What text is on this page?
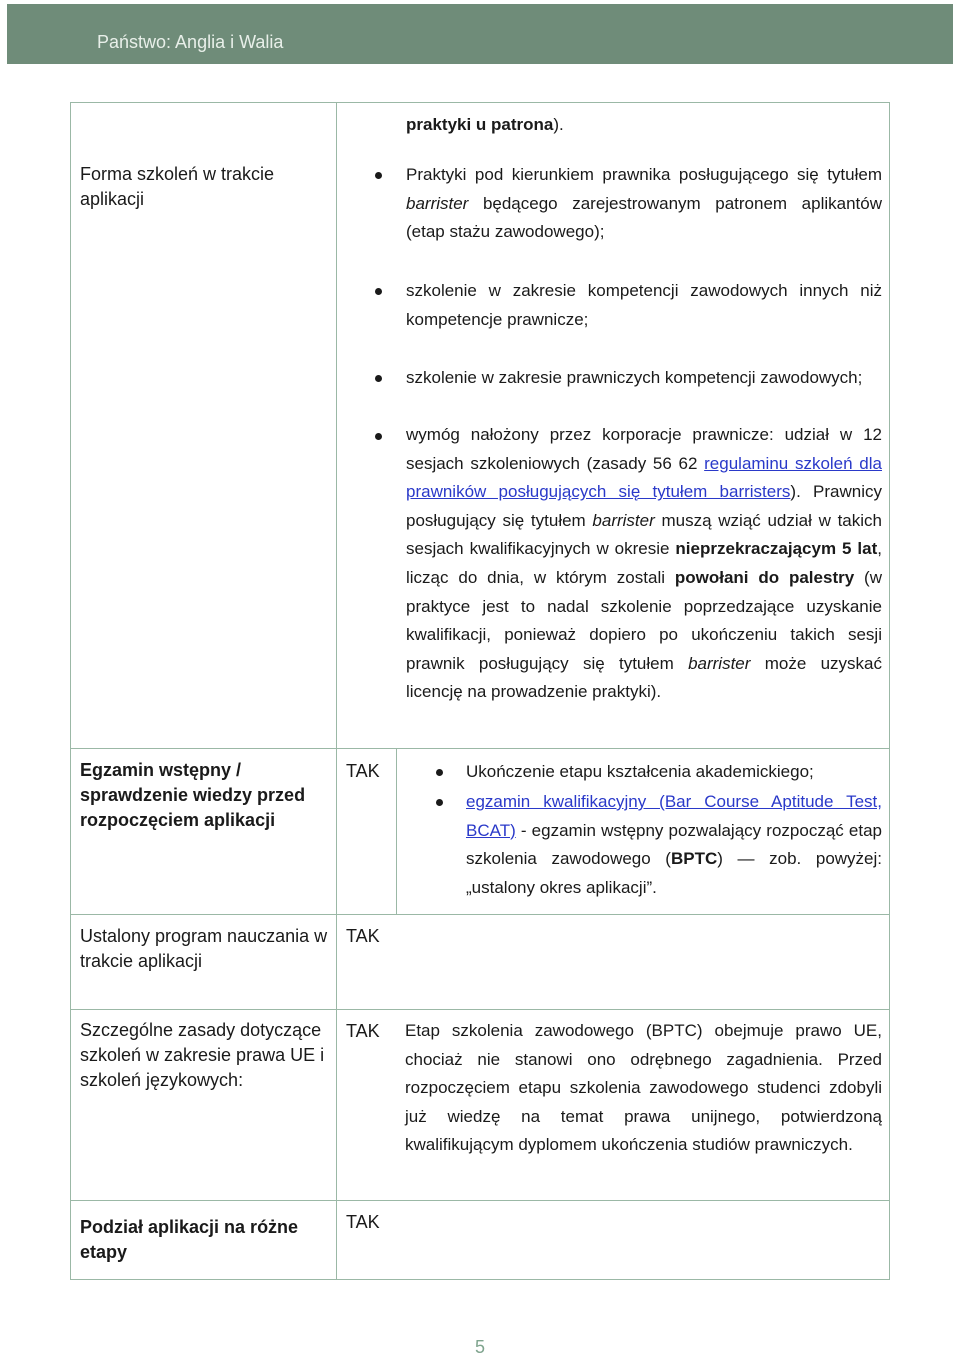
Państwo: Anglia i Walia
praktyki u patrona).
Forma szkoleń w trakcie aplikacji
Praktyki pod kierunkiem prawnika posługującego się tytułem barrister będącego zarejestrowanym patronem aplikantów (etap stażu zawodowego);
szkolenie w zakresie kompetencji zawodowych innych niż kompetencje prawnicze;
szkolenie w zakresie prawniczych kompetencji zawodowych;
wymóg nałożony przez korporacje prawnicze: udział w 12 sesjach szkoleniowych (zasady 56 62 regulaminu szkoleń dla prawników posługujących się tytułem barristers). Prawnicy posługujący się tytułem barrister muszą wziąć udział w takich sesjach kwalifikacyjnych w okresie nieprzekraczającym 5 lat, licząc do dnia, w którym zostali powołani do palestry (w praktyce jest to nadal szkolenie poprzedzające uzyskanie kwalifikacji, ponieważ dopiero po ukończeniu takich sesji prawnik posługujący się tytułem barrister może uzyskać licencję na prowadzenie praktyki).
Egzamin wstępny / sprawdzenie wiedzy przed rozpoczęciem aplikacji
TAK	Ukończenie etapu kształcenia akademickiego;
egzamin kwalifikacyjny (Bar Course Aptitude Test, BCAT) - egzamin wstępny pozwalający rozpocząć etap szkolenia zawodowego (BPTC) ― zob. powyżej: „ustalony okres aplikacji”.
Ustalony program nauczania w trakcie aplikacji
TAK
Szczególne zasady dotyczące szkoleń w zakresie prawa UE i szkoleń językowych:
TAK Etap szkolenia zawodowego (BPTC) obejmuje prawo UE, chociaż nie stanowi ono odrębnego zagadnienia. Przed rozpoczęciem etapu szkolenia zawodowego studenci zdobyli już wiedzę na temat prawa unijnego, potwierdzoną kwalifikującym dyplomem ukończenia studiów prawniczych.
Podział aplikacji na różne etapy
TAK
5
